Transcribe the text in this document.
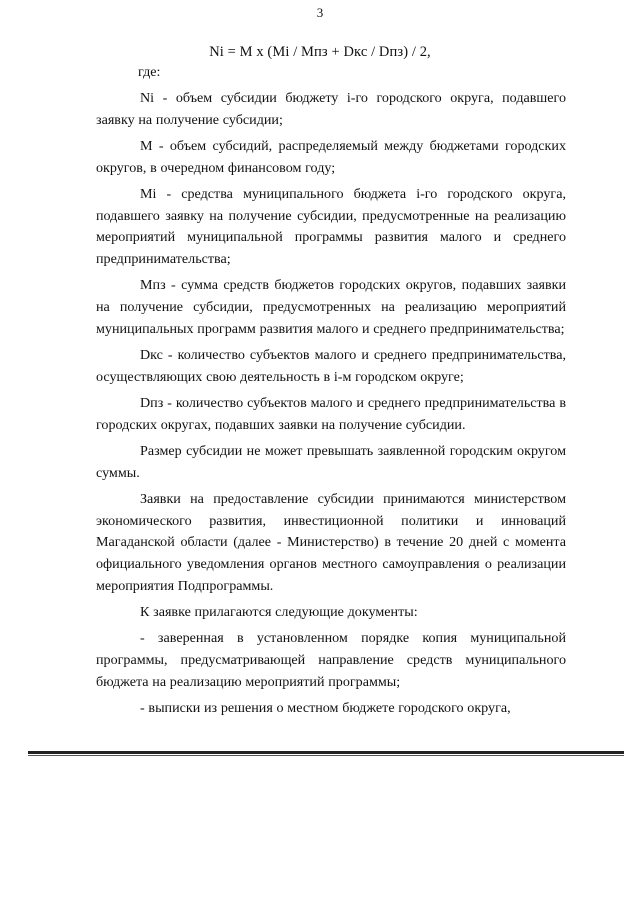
3
Ni = M x (Mi / Mпз + Dкс / Dпз) / 2,

где:

Ni - объем субсидии бюджету i-го городского округа, подавшего заявку на получение субсидии;

M - объем субсидий, распределяемый между бюджетами городских округов, в очередном финансовом году;

Mi - средства муниципального бюджета i-го городского округа, подавшего заявку на получение субсидии, предусмотренные на реализацию мероприятий муниципальной программы развития малого и среднего предпринимательства;

Mпз - сумма средств бюджетов городских округов, подавших заявки на получение субсидии, предусмотренных на реализацию мероприятий муниципальных программ развития малого и среднего предпринимательства;

Dкс - количество субъектов малого и среднего предпринимательства, осуществляющих свою деятельность в i-м городском округе;

Dпз - количество субъектов малого и среднего предпринимательства в городских округах, подавших заявки на получение субсидии.

Размер субсидии не может превышать заявленной городским округом суммы.

Заявки на предоставление субсидии принимаются министерством экономического развития, инвестиционной политики и инноваций Магаданской области (далее - Министерство) в течение 20 дней с момента официального уведомления органов местного самоуправления о реализации мероприятия Подпрограммы.

К заявке прилагаются следующие документы:

- заверенная в установленном порядке копия муниципальной программы, предусматривающей направление средств муниципального бюджета на реализацию мероприятий программы;

- выписки из решения о местном бюджете городского округа,
